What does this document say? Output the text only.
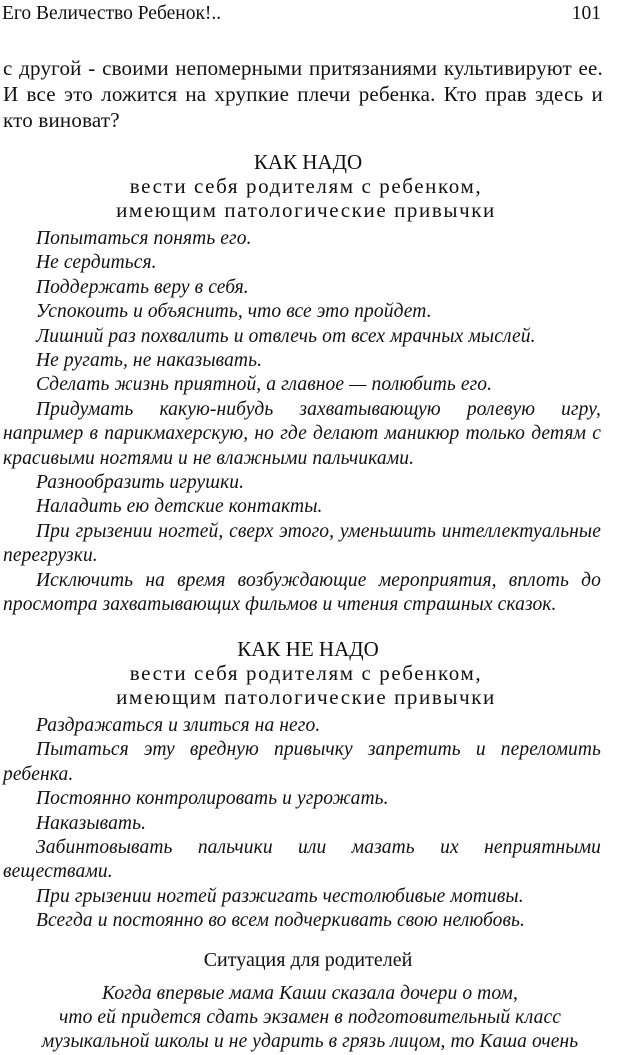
Его Величество Ребенок!..	101
с другой - своими непомерными притязаниями культивируют ее. И все это ложится на хрупкие плечи ребенка. Кто прав здесь и кто виноват?
КАК НАДО
вести себя родителям с ребенком,
имеющим патологические привычки

Попытаться понять его.

Не сердиться.

Поддержать веру в себя.

Успокоить и объяснить, что все это пройдет.

Лишний раз похвалить и отвлечь от всех мрачных мыслей.

Не ругать, не наказывать.

Сделать жизнь приятной, а главное — полюбить его.

Придумать какую-нибудь захватывающую ролевую игру, например в парикмахерскую, но где делают маникюр только детям с красивыми ногтями и не влажными пальчиками.

Разнообразить игрушки.

Наладить ею детские контакты.

При грызении ногтей, сверх этого, уменьшить интеллектуальные перегрузки.

Исключить на время возбуждающие мероприятия, вплоть до просмотра захватывающих фильмов и чтения страшных сказок.

КАК НЕ НАДО
вести себя родителям с ребенком,
имеющим патологические привычки

Раздражаться и злиться на него.

Пытаться эту вредную привычку запретить и переломить ребенка.

Постоянно контролировать и угрожать.

Наказывать.

Забинтовывать пальчики или мазать их неприятными веществами.

При грызении ногтей разжигать честолюбивые мотивы.

Всегда и постоянно во всем подчеркивать свою нелюбовь.

Ситуация для родителей
Когда впервые мама Каши сказала дочери о том,
что ей придется сдать экзамен в подготовительный класс
музыкальной школы и не ударить в грязь лицом, то Каша очень
